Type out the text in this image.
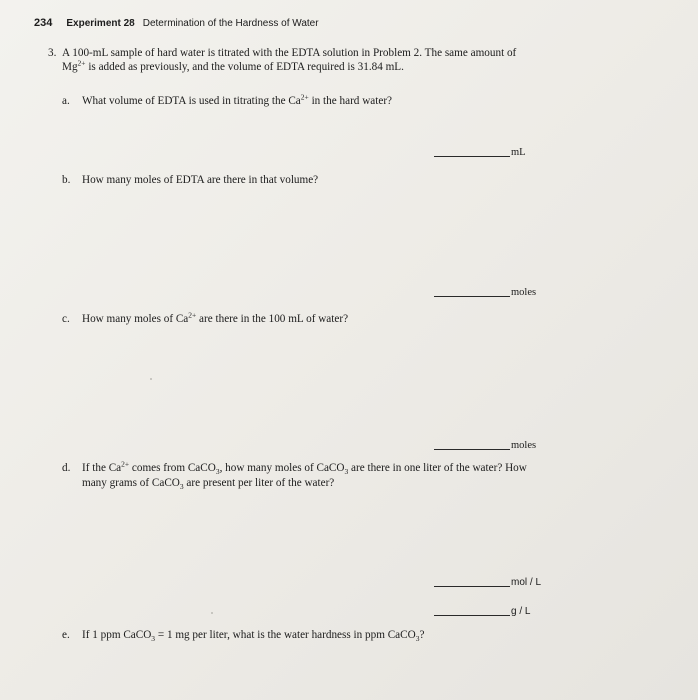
234 Experiment 28 Determination of the Hardness of Water
3. A 100-mL sample of hard water is titrated with the EDTA solution in Problem 2. The same amount of
$Mg^{2+}$ is added as previously, and the volume of EDTA required is 31.84 mL.
a. What volume of EDTA is used in titrating the $Ca^{2+}$ in the hard water?
mL
b. How many moles of EDTA are there in that volume?
moles
c. How many moles of $Ca^{2+}$ are there in the 100 mL of water?
moles
d. If the $Ca^{2+}$ comes from CaCO$_3$, how many moles of CaCO$_3$ are there in one liter of the water? How
many grams of CaCO$_3$ are present per liter of the water?
mol / L
g / L
e. If 1 ppm CaCO$_3$ = 1 mg per liter, what is the water hardness in ppm CaCO$_3$?
